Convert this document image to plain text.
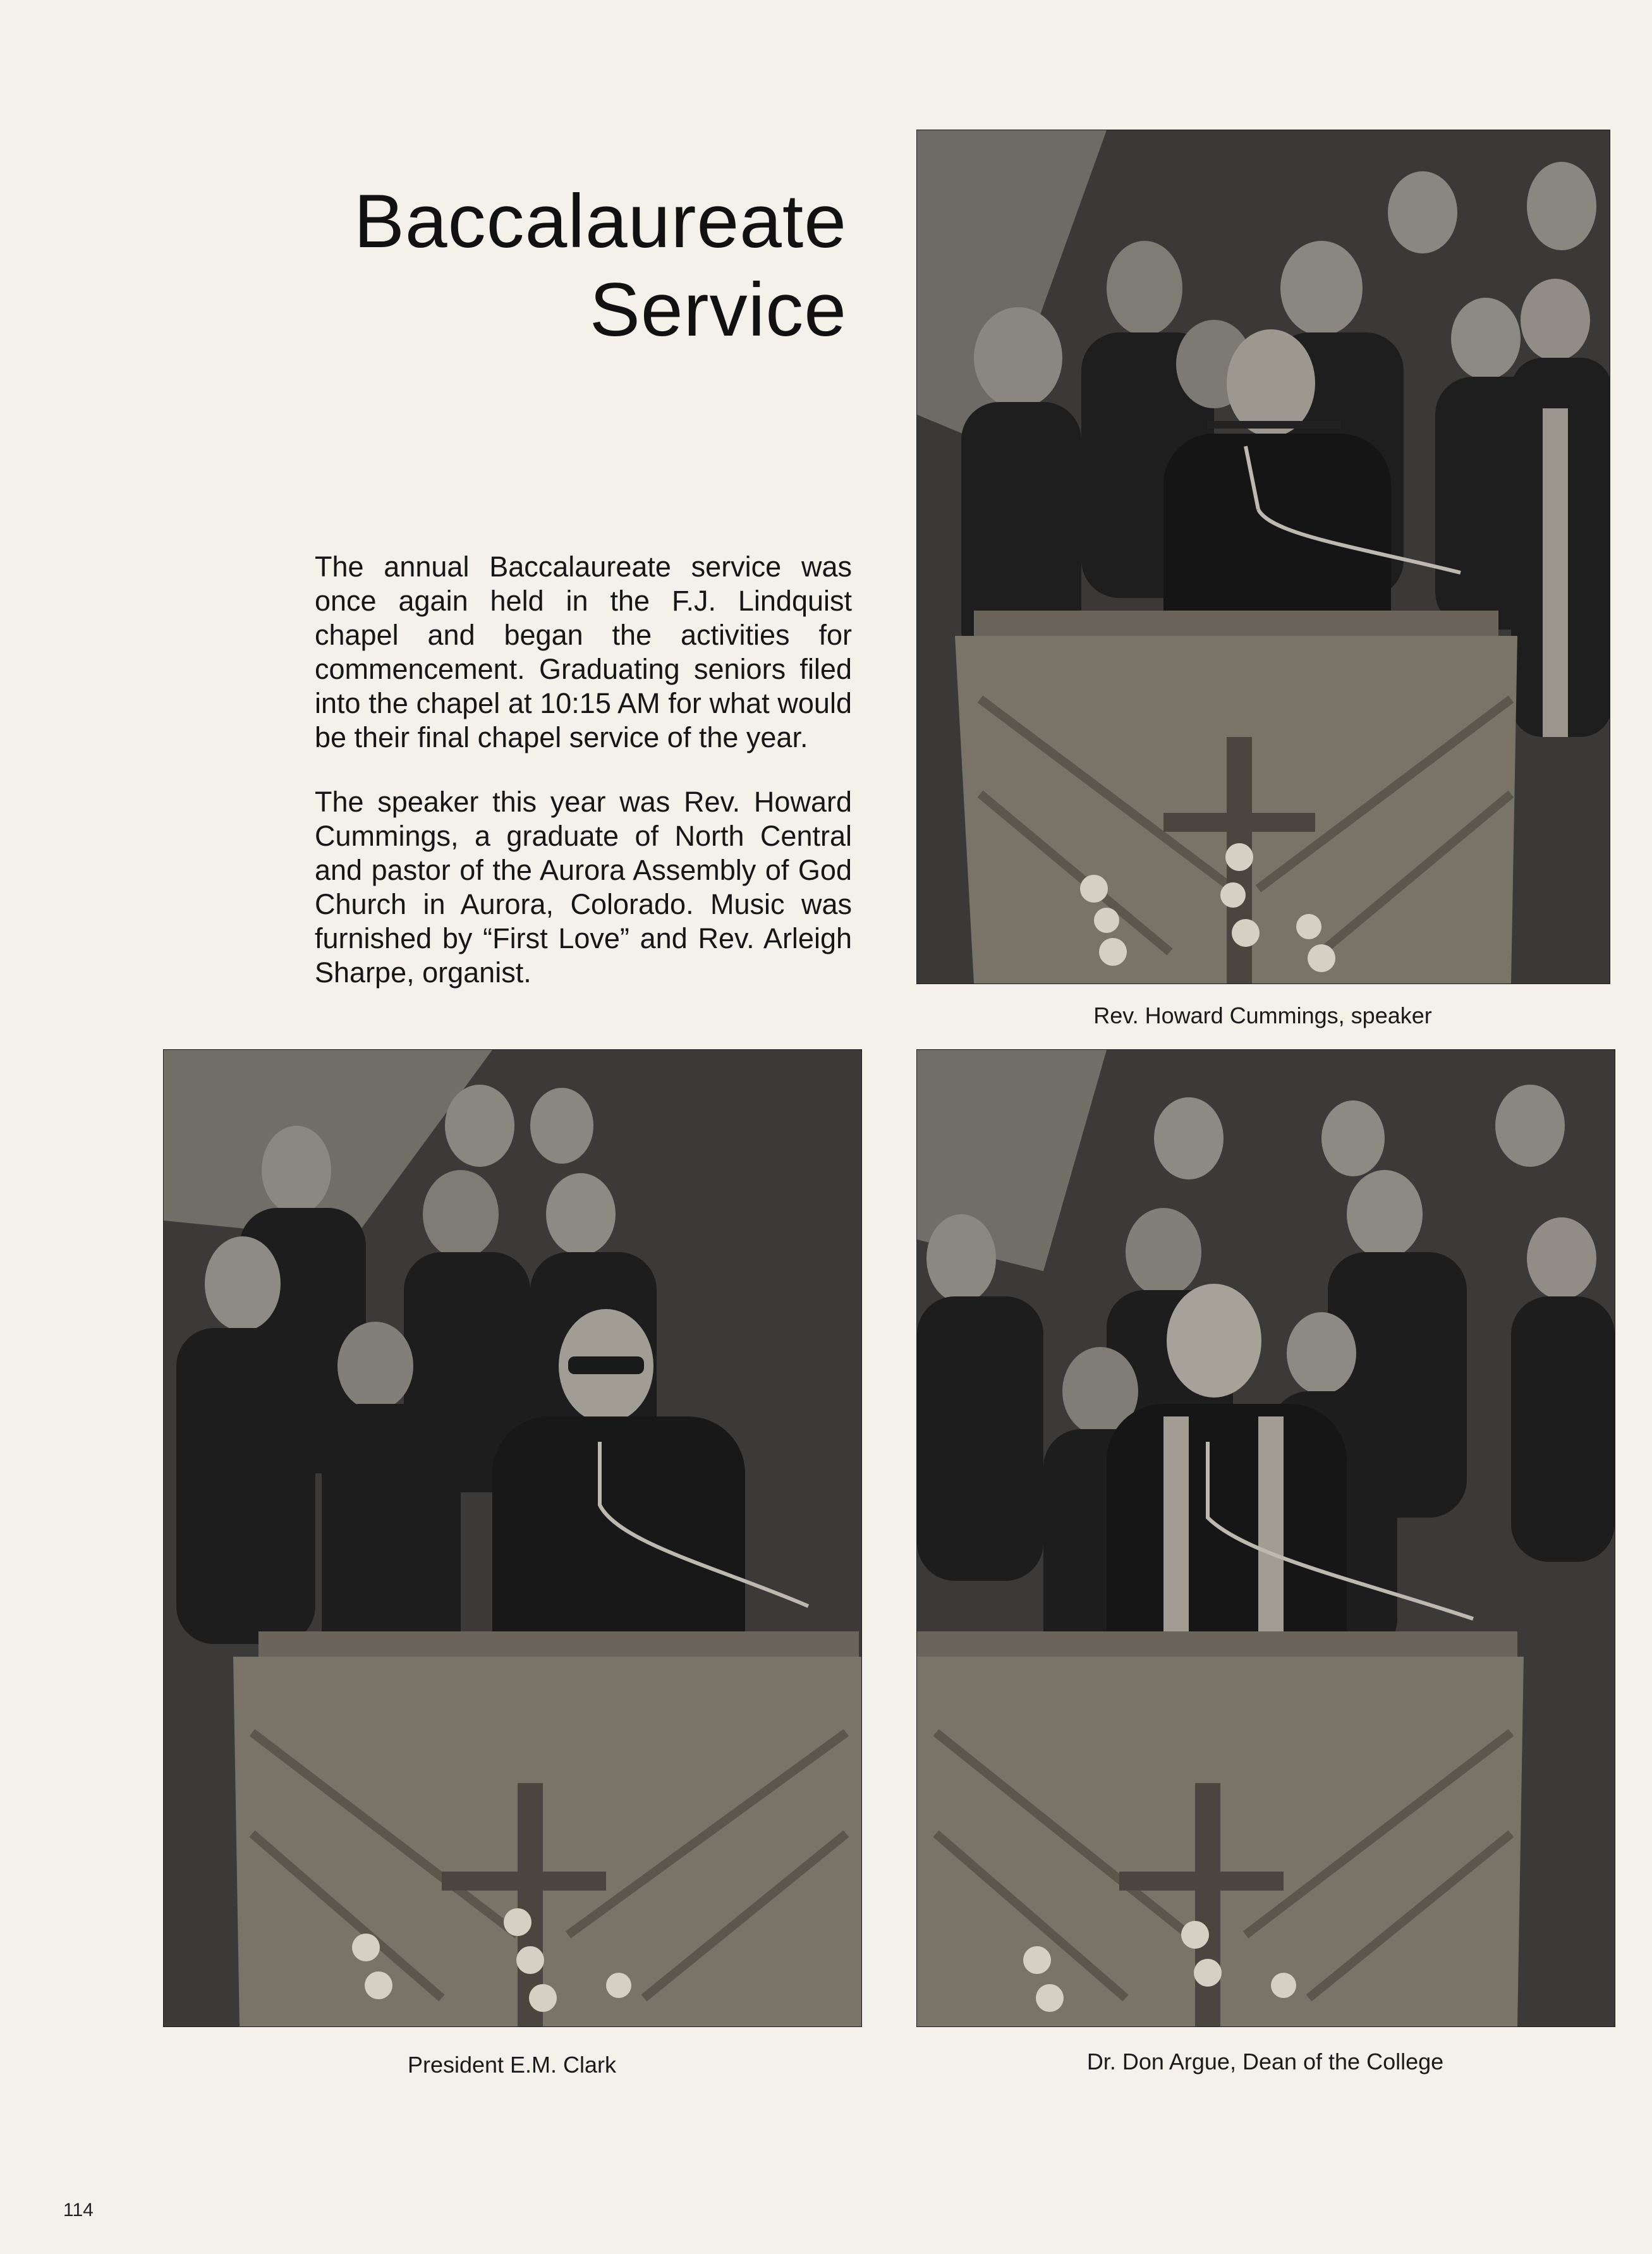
Baccalaureate
Service

The annual Baccalaureate service was once again held in the F.J. Lindquist chapel and began the activities for commencement. Graduating seniors filed into the chapel at 10:15 AM for what would be their final chapel service of the year.

The speaker this year was Rev. Howard Cummings, a graduate of North Central and pastor of the Aurora Assembly of God Church in Aurora, Colorado. Music was furnished by “First Love” and Rev. Arleigh Sharpe, organist.

Rev. Howard Cummings, speaker
President E.M. Clark	Dr. Don Argue, Dean of the College
114
